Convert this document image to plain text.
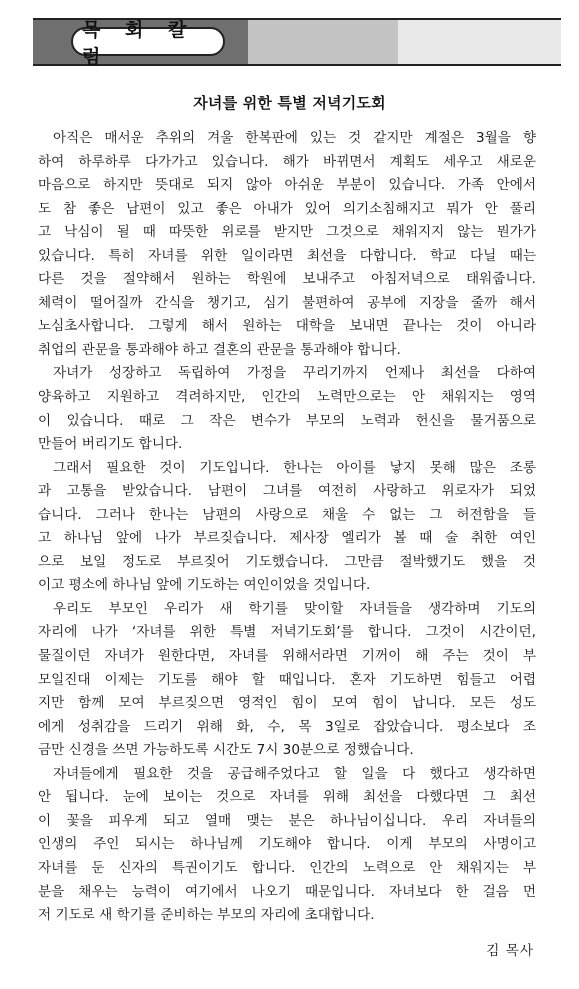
목 회 칼 럼
자녀를 위한 특별 저녁기도회
아직은 매서운 추위의 겨울 한복판에 있는 것 같지만 계절은 3월을 향
하여 하루하루 다가가고 있습니다. 해가 바뀌면서 계획도 세우고 새로운
마음으로 하지만 뜻대로 되지 않아 아쉬운 부분이 있습니다. 가족 안에서
도 참 좋은 남편이 있고 좋은 아내가 있어 의기소침해지고 뭐가 안 풀리
고 낙심이 될 때 따뜻한 위로를 받지만 그것으로 채워지지 않는 뭔가가
있습니다. 특히 자녀를 위한 일이라면 최선을 다합니다. 학교 다닐 때는
다른 것을 절약해서 원하는 학원에 보내주고 아침저녁으로 태워줍니다.
체력이 떨어질까 간식을 챙기고, 심기 불편하여 공부에 지장을 줄까 해서
노심초사합니다. 그렇게 해서 원하는 대학을 보내면 끝나는 것이 아니라
취업의 관문을 통과해야 하고 결혼의 관문을 통과해야 합니다.
자녀가 성장하고 독립하여 가정을 꾸리기까지 언제나 최선을 다하여
양육하고 지원하고 격려하지만, 인간의 노력만으로는 안 채워지는 영역
이 있습니다. 때로 그 작은 변수가 부모의 노력과 헌신을 물거품으로
만들어 버리기도 합니다.
그래서 필요한 것이 기도입니다. 한나는 아이를 낳지 못해 많은 조롱
과 고통을 받았습니다. 남편이 그녀를 여전히 사랑하고 위로자가 되었
습니다. 그러나 한나는 남편의 사랑으로 채울 수 없는 그 허전함을 들
고 하나님 앞에 나가 부르짖습니다. 제사장 엘리가 볼 때 술 취한 여인
으로 보일 정도로 부르짖어 기도했습니다. 그만큼 절박했기도 했을 것
이고 평소에 하나님 앞에 기도하는 여인이었을 것입니다.
우리도 부모인 우리가 새 학기를 맞이할 자녀들을 생각하며 기도의
자리에 나가 ‘자녀를 위한 특별 저녁기도회’를 합니다. 그것이 시간이던,
물질이던 자녀가 원한다면, 자녀를 위해서라면 기꺼이 해 주는 것이 부
모일진대 이제는 기도를 해야 할 때입니다. 혼자 기도하면 힘들고 어렵
지만 함께 모여 부르짖으면 영적인 힘이 모여 힘이 납니다. 모든 성도
에게 성취감을 드리기 위해 화, 수, 목 3일로 잡았습니다. 평소보다 조
금만 신경을 쓰면 가능하도록 시간도 7시 30분으로 정했습니다.
자녀들에게 필요한 것을 공급해주었다고 할 일을 다 했다고 생각하면
안 됩니다. 눈에 보이는 것으로 자녀를 위해 최선을 다했다면 그 최선
이 꽃을 피우게 되고 열매 맺는 분은 하나님이십니다. 우리 자녀들의
인생의 주인 되시는 하나님께 기도해야 합니다. 이게 부모의 사명이고
자녀를 둔 신자의 특권이기도 합니다. 인간의 노력으로 안 채워지는 부
분을 채우는 능력이 여기에서 나오기 때문입니다. 자녀보다 한 걸음 먼
저 기도로 새 학기를 준비하는 부모의 자리에 초대합니다.
김 목사
